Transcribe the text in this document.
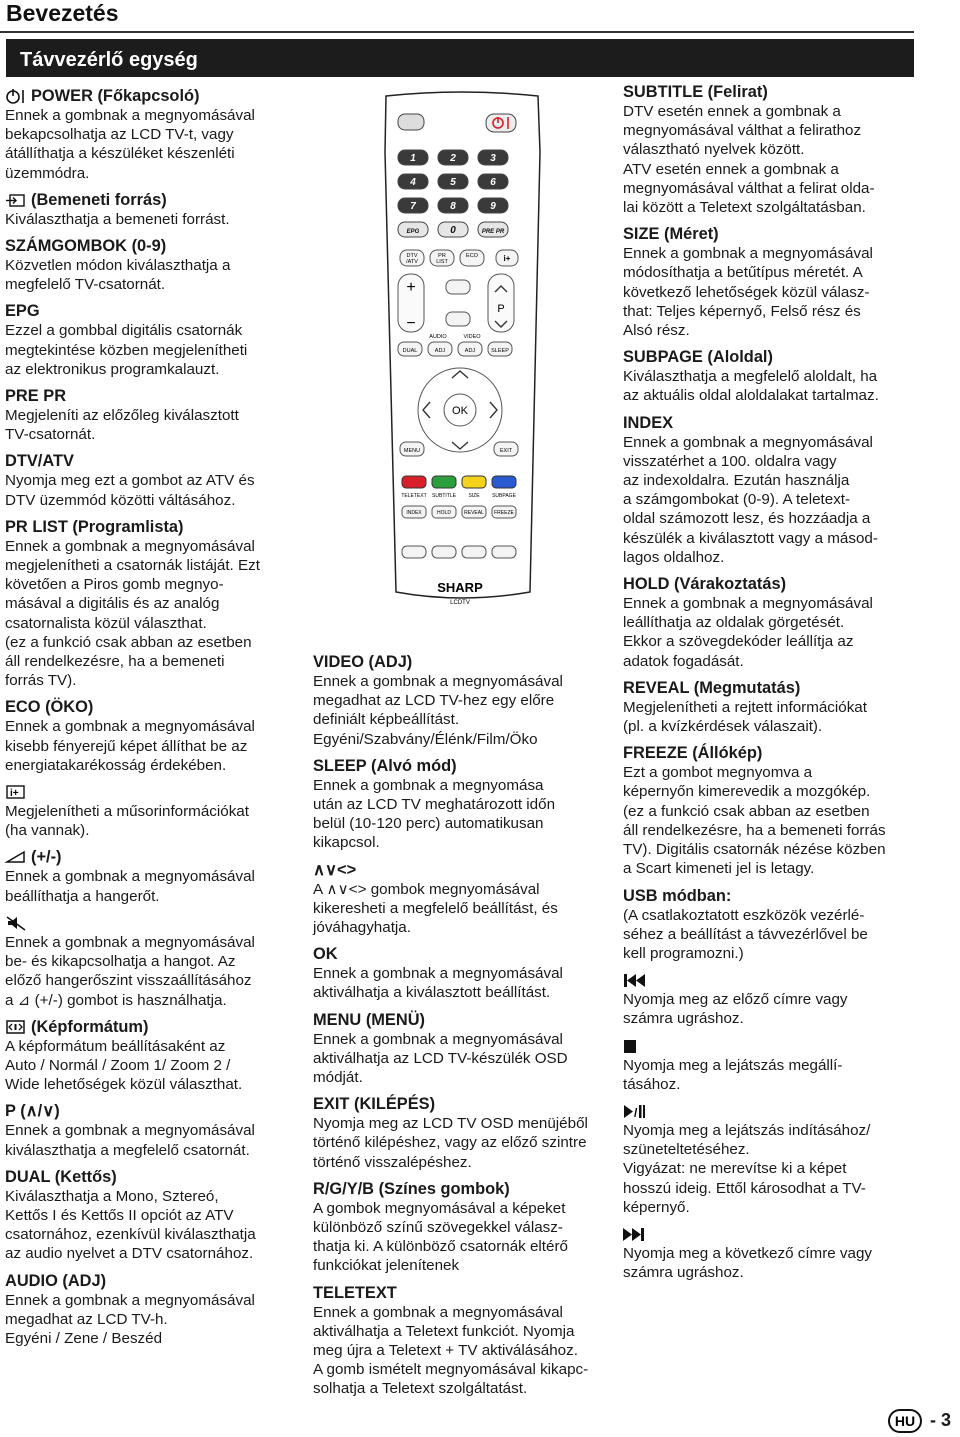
Bevezetés
Távvezérlő egység
POWER (Főkapcsoló)

Ennek a gombnak a megnyomásával

bekapcsolhatja az LCD TV-t, vagy

átállíthatja a készüléket készenléti

üzemmódra.

(Bemeneti forrás)

Kiválaszthatja a bemeneti forrást.

SZÁMGOMBOK (0-9)

Közvetlen módon kiválaszthatja a

megfelelő TV-csatornát.

EPG

Ezzel a gombbal digitális csatornák

megtekintése közben megjelenítheti

az elektronikus programkalauzt.

PRE PR

Megjeleníti az előzőleg kiválasztott

TV-csatornát.

DTV/ATV

Nyomja meg ezt a gombot az ATV és

DTV üzemmód közötti váltásához.

PR LIST (Programlista)

Ennek a gombnak a megnyomásával

megjelenítheti a csatornák listáját. Ezt

követően a Piros gomb megnyo-

másával a digitális és az analóg

csatornalista közül választhat.

(ez a funkció csak abban az esetben

áll rendelkezésre, ha a bemeneti

forrás TV).

ECO (ÖKO)

Ennek a gombnak a megnyomásával

kisebb fényerejű képet állíthat be az

energiatakarékosság érdekében.

i+

Megjelenítheti a műsorinformációkat

(ha vannak).

(+/-)

Ennek a gombnak a megnyomásával

beállíthatja a hangerőt.

Ennek a gombnak a megnyomásával

be- és kikapcsolhatja a hangot. Az

előző hangerőszint visszaállításához

a ⊿ (+/-) gombot is használhatja.

(Képformátum)

A képformátum beállításaként az

Auto / Normál / Zoom 1/ Zoom 2 /

Wide lehetőségek közül választhat.

P (∧/∨)

Ennek a gombnak a megnyomásával

kiválaszthatja a megfelelő csatornát.

DUAL (Kettős)

Kiválaszthatja a Mono, Sztereó,

Kettős I és Kettős II opciót az ATV

csatornához, ezenkívül kiválaszthatja

az audio nyelvet a DTV csatornához.

AUDIO (ADJ)

Ennek a gombnak a megnyomásával

megadhat az LCD TV-h.

Egyéni / Zene / Beszéd

VIDEO (ADJ)

Ennek a gombnak a megnyomásával

megadhat az LCD TV-hez egy előre

definiált képbeállítást.

Egyéni/Szabvány/Élénk/Film/Öko

SLEEP (Alvó mód)

Ennek a gombnak a megnyomása

után az LCD TV meghatározott időn

belül (10-120 perc) automatikusan

kikapcsol.

∧∨<>

A ∧∨<> gombok megnyomásával

kikeresheti a megfelelő beállítást, és

jóváhagyhatja.

OK

Ennek a gombnak a megnyomásával

aktiválhatja a kiválasztott beállítást.

MENU (MENÜ)

Ennek a gombnak a megnyomásával

aktiválhatja az LCD TV-készülék OSD

módját.

EXIT (KILÉPÉS)

Nyomja meg az LCD TV OSD menüjéből

történő kilépéshez, vagy az előző szintre

történő visszalépéshez.

R/G/Y/B (Színes gombok)

A gombok megnyomásával a képeket

különböző színű szövegekkel válasz-

thatja ki. A különböző csatornák eltérő

funkciókat jelenítenek

TELETEXT

Ennek a gombnak a megnyomásával

aktiválhatja a Teletext funkciót. Nyomja

meg újra a Teletext + TV aktiválásához.

A gomb ismételt megnyomásával kikapc-

solhatja a Teletext szolgáltatást.

SUBTITLE (Felirat)

DTV esetén ennek a gombnak a

megnyomásával válthat a felirathoz

választható nyelvek között.

ATV esetén ennek a gombnak a

megnyomásával válthat a felirat olda-

lai között a Teletext szolgáltatásban.

SIZE (Méret)

Ennek a gombnak a megnyomásával

módosíthatja a betűtípus méretét. A

következő lehetőségek közül válasz-

that: Teljes képernyő, Felső rész és

Alsó rész.

SUBPAGE (Aloldal)

Kiválaszthatja a megfelelő aloldalt, ha

az aktuális oldal aloldalakat tartalmaz.

INDEX

Ennek a gombnak a megnyomásával

visszatérhet a 100. oldalra vagy

az indexoldalra. Ezután használja

a számgombokat (0-9). A teletext-

oldal számozott lesz, és hozzáadja a

készülék a kiválasztott vagy a másod-

lagos oldalhoz.

HOLD (Várakoztatás)

Ennek a gombnak a megnyomásával

leállíthatja az oldalak görgetését.

Ekkor a szövegdekóder leállítja az

adatok fogadását.

REVEAL (Megmutatás)

Megjelenítheti a rejtett információkat

(pl. a kvízkérdések válaszait).

FREEZE (Állókép)

Ezt a gombot megnyomva a

képernyőn kimerevedik a mozgókép.

(ez a funkció csak abban az esetben

áll rendelkezésre, ha a bemeneti forrás

TV). Digitális csatornák nézése közben

a Scart kimeneti jel is letagy.

USB módban:

(A csatlakoztatott eszközök vezérlé-

séhez a beállítást a távvezérlővel be

kell programozni.)

Nyomja meg az előző címre vagy

számra ugráshoz.

Nyomja meg a lejátszás megállí-

tásához.

/

Nyomja meg a lejátszás indításához/

szüneteltetéséhez.

Vigyázat: ne merevítse ki a képet

hosszú ideig. Ettől károsodhat a TV-

képernyő.

Nyomja meg a következő címre vagy

számra ugráshoz.

1	2	3
4	5	6
7	8	9
EPG	0	PRE PR
DTV
/ATV
PR
LIST
ECO	i+
+
−
P
AUDIO	VIDEO
DUAL	ADJ	ADJ	SLEEP
OK
MENU	EXIT
TELETEXT SUBTITLE SIZE	SUBPAGE
INDEX	HOLD	REVEAL FREEZE
SHARP
LCDTV
HU - 3
